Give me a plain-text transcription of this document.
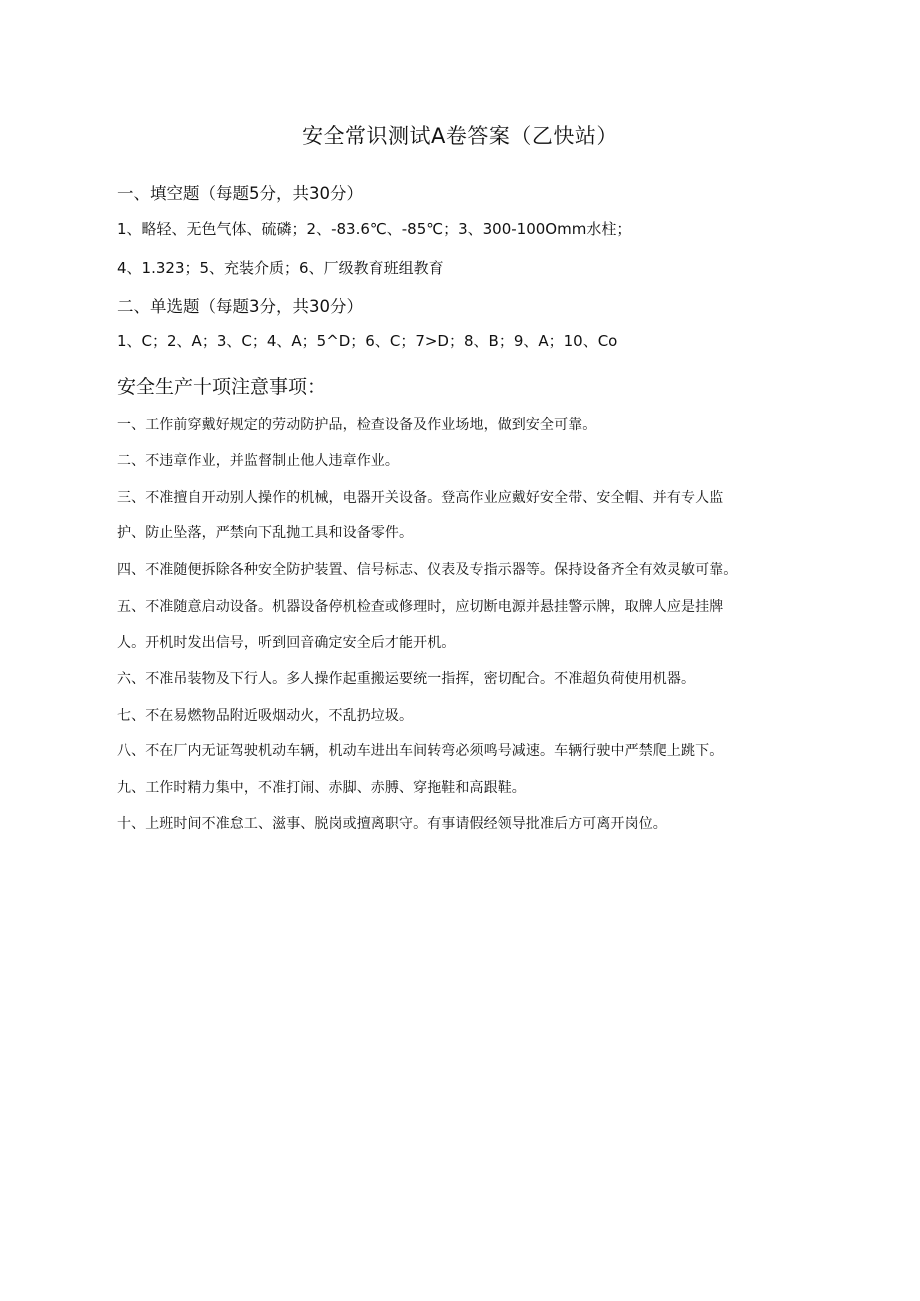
安全常识测试A卷答案（乙快站）

一、填空题（每题5分，共30分）

1、略轻、无色气体、硫磷；2、-83.6℃、-85℃；3、300-100Omm水柱；

4、1.323；5、充装介质；6、厂级教育班组教育

二、单选题（每题3分，共30分）

1、C；2、A；3、C；4、A；5^D；6、C；7>D；8、B；9、A；10、Co

安全生产十项注意事项：

一、工作前穿戴好规定的劳动防护品，检查设备及作业场地，做到安全可靠。

二、不违章作业，并监督制止他人违章作业。

三、不准擅自开动别人操作的机械，电器开关设备。登高作业应戴好安全带、安全帽、并有专人监

护、防止坠落，严禁向下乱抛工具和设备零件。

四、不准随便拆除各种安全防护装置、信号标志、仪表及专指示器等。保持设备齐全有效灵敏可靠。

五、不准随意启动设备。机器设备停机检查或修理时，应切断电源并悬挂警示牌，取牌人应是挂牌

人。开机时发出信号，听到回音确定安全后才能开机。

六、不准吊装物及下行人。多人操作起重搬运要统一指挥，密切配合。不准超负荷使用机器。

七、不在易燃物品附近吸烟动火，不乱扔垃圾。

八、不在厂内无证驾驶机动车辆，机动车进出车间转弯必须鸣号减速。车辆行驶中严禁爬上跳下。

九、工作时精力集中，不准打闹、赤脚、赤膊、穿拖鞋和高跟鞋。

十、上班时间不准怠工、滋事、脱岗或擅离职守。有事请假经领导批准后方可离开岗位。
